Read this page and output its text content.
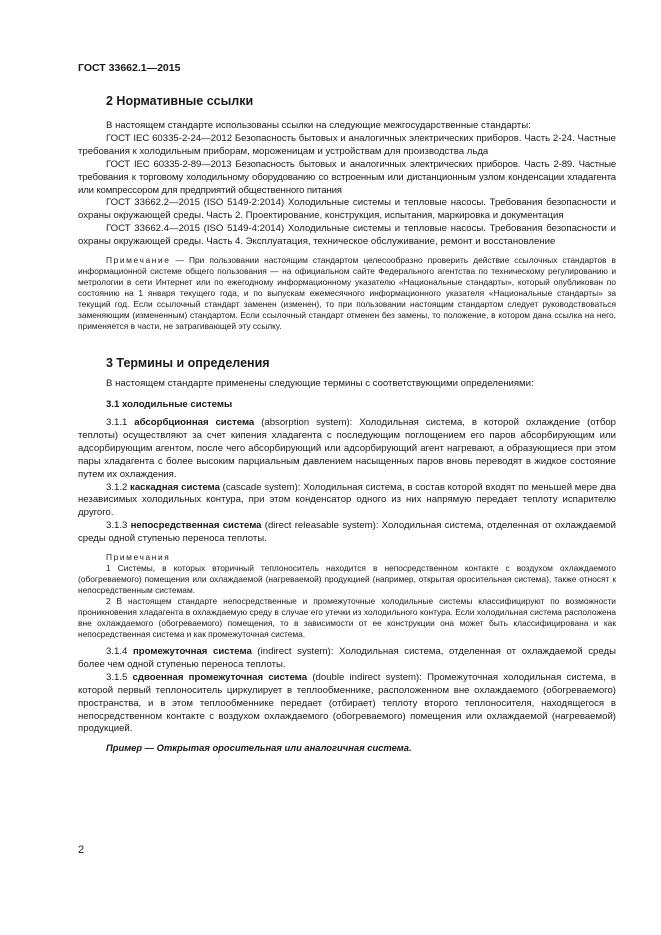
ГОСТ 33662.1—2015
2 Нормативные ссылки

В настоящем стандарте использованы ссылки на следующие межгосударственные стандарты:

ГОСТ IEC 60335-2-24—2012 Безопасность бытовых и аналогичных электрических приборов. Часть 2-24. Частные требования к холодильным приборам, мороженицам и устройствам для производства льда

ГОСТ IEC 60335-2-89—2013 Безопасность бытовых и аналогичных электрических приборов. Часть 2-89. Частные требования к торговому холодильному оборудованию со встроенным или дистанционным узлом конденсации хладагента или компрессором для предприятий общественного питания

ГОСТ 33662.2—2015 (ISO 5149-2:2014) Холодильные системы и тепловые насосы. Требования безопасности и охраны окружающей среды. Часть 2. Проектирование, конструкция, испытания, маркировка и документация

ГОСТ 33662.4—2015 (ISO 5149-4:2014) Холодильные системы и тепловые насосы. Требования безопасности и охраны окружающей среды. Часть 4. Эксплуатация, техническое обслуживание, ремонт и восстановление

Примечание — При пользовании настоящим стандартом целесообразно проверить действие ссылочных стандартов в информационной системе общего пользования — на официальном сайте Федерального агентства по техническому регулированию и метрологии в сети Интернет или по ежегодному информационному указателю «Национальные стандарты», который опубликован по состоянию на 1 января текущего года, и по выпускам ежемесячного информационного указателя «Национальные стандарты» за текущий год. Если ссылочный стандарт заменен (изменен), то при пользовании настоящим стандартом следует руководствоваться заменяющим (измененным) стандартом. Если ссылочный стандарт отменен без замены, то положение, в котором дана ссылка на него, применяется в части, не затрагивающей эту ссылку.

3 Термины и определения

В настоящем стандарте применены следующие термины с соответствующими определениями:

3.1 холодильные системы

3.1.1 абсорбционная система (absorption system): Холодильная система, в которой охлаждение (отбор теплоты) осуществляют за счет кипения хладагента с последующим поглощением его паров абсорбирующим или адсорбирующим агентом, после чего абсорбирующий или адсорбирующий агент нагревают, а образующиеся при этом пары хладагента с более высоким парциальным давлением насыщенных паров вновь переводят в жидкое состояние путем их охлаждения.

3.1.2 каскадная система (cascade system): Холодильная система, в состав которой входят по меньшей мере два независимых холодильных контура, при этом конденсатор одного из них напрямую передает теплоту испарителю другого.

3.1.3 непосредственная система (direct releasable system): Холодильная система, отделенная от охлаждаемой среды одной ступенью переноса теплоты.

Примечания

1 Системы, в которых вторичный теплоноситель находится в непосредственном контакте с воздухом охлаждаемого (обогреваемого) помещения или охлаждаемой (нагреваемой) продукцией (например, открытая оросительная система), также относят к непосредственным системам.

2 В настоящем стандарте непосредственные и промежуточные холодильные системы классифицируют по возможности проникновения хладагента в охлаждаемую среду в случае его утечки из холодильного контура. Если холодильная система расположена вне охлаждаемого (обогреваемого) помещения, то в зависимости от ее конструкции она может быть классифицирована и как непосредственная система и как промежуточная система.

3.1.4 промежуточная система (indirect system): Холодильная система, отделенная от охлаждаемой среды более чем одной ступенью переноса теплоты.

3.1.5 сдвоенная промежуточная система (double indirect system): Промежуточная холодильная система, в которой первый теплоноситель циркулирует в теплообменнике, расположенном вне охлаждаемого (обогреваемого) пространства, и в этом теплообменнике передает (отбирает) теплоту второго теплоносителя, находящегося в непосредственном контакте с воздухом охлаждаемого (обогреваемого) помещения или охлаждаемой (нагреваемой) продукцией.

Пример — Открытая оросительная или аналогичная система.

2
